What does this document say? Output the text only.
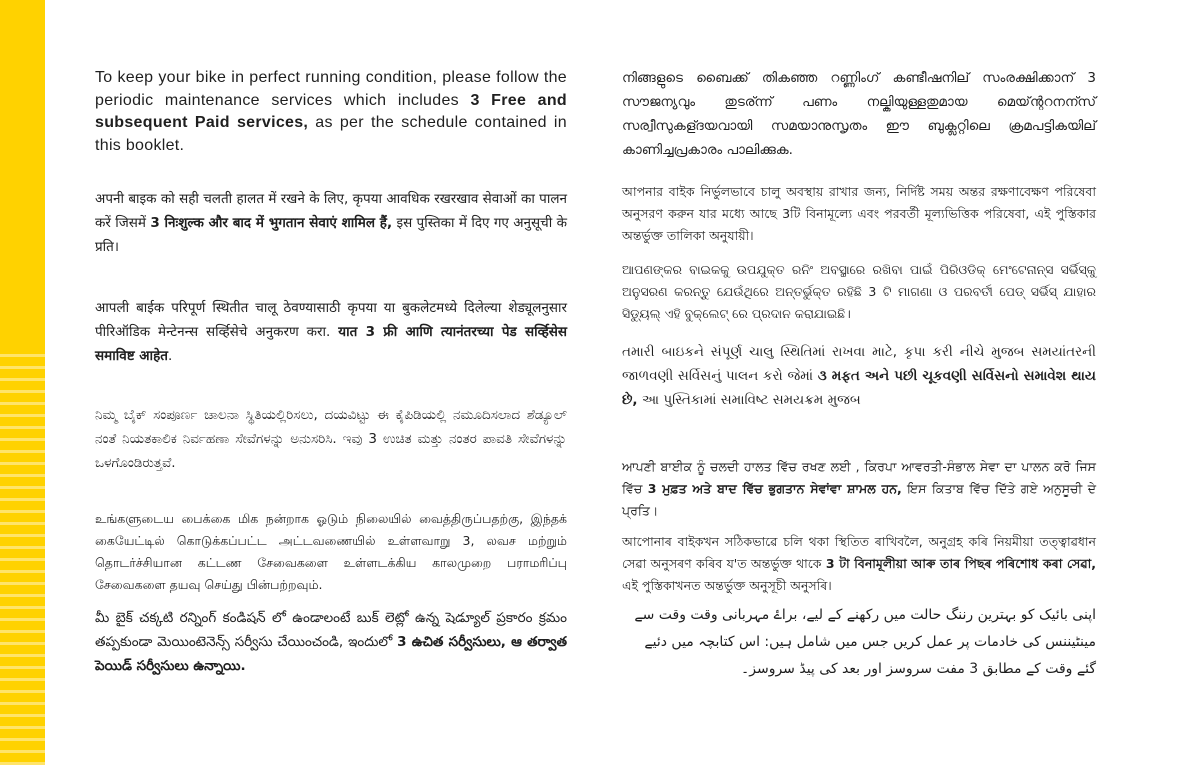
To keep your bike in perfect running condition, please follow the periodic maintenance services which includes 3 Free and subsequent Paid services, as per the schedule contained in this booklet.

अपनी बाइक को सही चलती हालत में रखने के लिए, कृपया आवधिक रखरखाव सेवाओं का पालन करें जिसमें 3 निःशुल्क और बाद में भुगतान सेवाएं शामिल हैं, इस पुस्तिका में दिए गए अनुसूची के प्रति।

आपली बाईक परिपूर्ण स्थितीत चालू ठेवण्यासाठी कृपया या बुकलेटमध्ये दिलेल्या शेड्यूलनुसार पीरिऑडिक मेन्टेनन्स सर्व्हिसेचे अनुकरण करा. यात 3 फ्री आणि त्यानंतरच्या पेड सर्व्हिसेस समाविष्ट आहेत.

ನಿಮ್ಮ ಬೈಕ್ ಸಂಪೂರ್ಣ ಚಾಲನಾ ಸ್ಥಿತಿಯಲ್ಲಿರಿಸಲು, ದಯವಿಟ್ಟು ಈ ಕೈಪಿಡಿಯಲ್ಲಿ ನಮೂದಿಸಲಾದ ಶೆಡ್ಯೂಲ್ ನಂತೆ ನಿಯತಕಾಲಿಕ ನಿರ್ವಹಣಾ ಸೇವೆಗಳನ್ನು ಅನುಸರಿಸಿ. ಇವು 3 ಉಚಿತ ಮತ್ತು ನಂತರ ಪಾವತಿ ಸೇವೆಗಳನ್ನು ಒಳಗೊಂಡಿರುತ್ತವೆ.

உங்களுடைய பைக்கை மிக நன்றாக ஓடும் நிலையில் வைத்திருப்பதற்கு, இந்தக் கையேட்டில் கொடுக்கப்பட்ட அட்டவணையில் உள்ளவாறு 3, லவச மற்றும் தொடர்ச்சியான கட்டண சேவைகளை உள்ளடக்கிய காலமுறை பராமரிப்பு சேவைகளை தயவு செய்து பின்பற்றவும்.

మీ బైక్ చక్కటి రన్నింగ్ కండిషన్ లో ఉండాలంటే బుక్ లెట్లో ఉన్న షెడ్యూల్ ప్రకారం క్రమం తప్పకుండా మెయింటెనెన్స్ సర్వీసు చేయించండి, ఇందులో 3 ఉచిత సర్వీసులు, ఆ తర్వాత పెయిడ్ సర్వీసులు ఉన్నాయి.

നിങ്ങളുടെ ബൈക്ക് തികഞ്ഞ റണ്ണിംഗ് കണ്ടീഷനില് സംരക്ഷിക്കാന് 3 സൗജന്യവും തുടര്ന്ന് പണം നല്കിയുള്ളതുമായ മെയ്ന്ററനന്സ് സര്വീസുകള്ദയവായി സമയാനുസൃതം ഈ ബുക്ലറ്റിലെ ക്രമപട്ടികയില് കാണിച്ചപ്രകാരം പാലിക്കുക.

আপনার বাইক নির্ভুলভাবে চালু অবস্থায় রাখার জন্য, নির্দিষ্ট সময় অন্তর রক্ষণাবেক্ষণ পরিষেবা অনুসরণ করুন যার মধ্যে আছে 3টি বিনামূল্যে এবং পরবর্তী মূল্যভিত্তিক পরিষেবা, এই পুস্তিকার অন্তর্ভুক্ত তালিকা অনুযায়ী।

ଆପଣଙ୍କର ବାଇକକୁ ଉପଯୁକ୍ତ ରନିଂ ଅବସ୍ଥାରେ ରଖିବା ପାଇଁ ପିରିଓଡିକ୍ ମେଂଟେନାନ୍ସ ସର୍ଭିସ୍କୁ ଅନୁସରଣ କରନ୍ତୁ ଯେଉଁଥିରେ ଅନ୍ତର୍ଭୁକ୍ତ ରହିଛି 3 ଟି ମାଗଣା ଓ ପରବର୍ତୀ ପେଡ୍ ସର୍ଭିସ୍ ଯାହାର ସିଡ୍ୟୁଲ୍ ଏହି ବୁକ୍ଲେଟ୍ ରେ ପ୍ରଦାନ କରାଯାଇଛି।

તમારી બાઇકને સંપૂર્ણ ચાલુ સ્થિતિમાં રાખવા માટે, કૃપા કરી નીચે મુજબ સમયાંતરની જાળવણી સર્વિસનું પાલન કરો જેમાં ૩ મફત અને પછી ચૂકવણી સર્વિસનો સમાવેશ થાય છે, આ પુસ્તિકામાં સમાવિષ્ટ સમયક્રમ મુજબ

ਆਪਣੀ ਬਾਈਕ ਨੂੰ ਚਲਦੀ ਹਾਲਤ ਵਿੱਚ ਰਖਣ ਲਈ , ਕਿਰਪਾ ਆਵਰਤੀ-ਸੰਭਾਲ ਸੇਵਾ ਦਾ ਪਾਲਨ ਕਰੋ ਜਿਸ ਵਿੱਚ 3 ਮੁਫ਼ਤ ਅਤੇ ਬਾਦ ਵਿੱਚ ਭੁਗਤਾਨ ਸੇਵਾਂਵਾ ਸ਼ਾਮਲ ਹਨ, ਇਸ ਕਿਤਾਬ ਵਿੱਚ ਦਿੱਤੇ ਗਏ ਅਨੁਸੂਚੀ ਦੇ ਪ੍ਰਤਿ।

আপোনাৰ বাইকখন সঠিকভাৱে চলি থকা স্থিতিত ৰাখিবলৈ, অনুগ্ৰহ কৰি নিয়মীয়া তত্ত্বাৱধান সেৱা অনুসৰণ কৰিব য'ত অন্তৰ্ভুক্ত থাকে 3 টা বিনামূলীয়া আৰু তাৰ পিছৰ পৰিশোধ কৰা সেৱা, এই পুস্তিকাখনত অন্তৰ্ভুক্ত অনুসূচী অনুসৰি।

اپنی بائیک کو بہترین رننگ حالت میں رکھنے کے لیے، براۓ مہربانی وقت وقت سے مینٹیننس کی خادمات پر عمل کریں جس میں شامل ہیں: اس کتابچہ میں دئیے گئے وقت کے مطابق 3 مفت سروسز اور بعد کی پیڈ سروسز۔
